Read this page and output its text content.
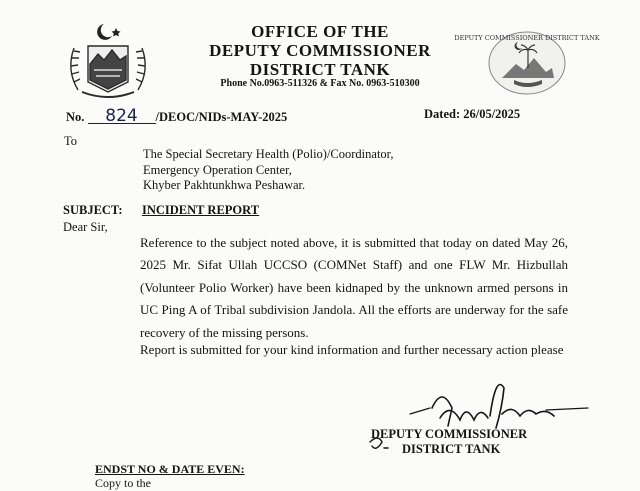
OFFICE OF THE
DEPUTY COMMISSIONER
DISTRICT TANK
Phone No.0963-511326 & Fax No. 0963-510300
DEPUTY COMMISSIONER DISTRICT TANK
No. 824 /DEOC/NIDs-MAY-2025	Dated: 26/05/2025
To
The Special Secretary Health (Polio)/Coordinator,
Emergency Operation Center,
Khyber Pakhtunkhwa Peshawar.
SUBJECT: INCIDENT REPORT
Dear Sir,
Reference to the subject noted above, it is submitted that today on dated May 26, 2025 Mr. Sifat Ullah UCCSO (COMNet Staff) and one FLW Mr. Hizbullah (Volunteer Polio Worker) have been kidnaped by the unknown armed persons in UC Ping A of Tribal subdivision Jandola. All the efforts are underway for the safe recovery of the missing persons.
Report is submitted for your kind information and further necessary action please
DEPUTY COMMISSIONER
DISTRICT TANK
ENDST NO & DATE EVEN:
Copy to the
